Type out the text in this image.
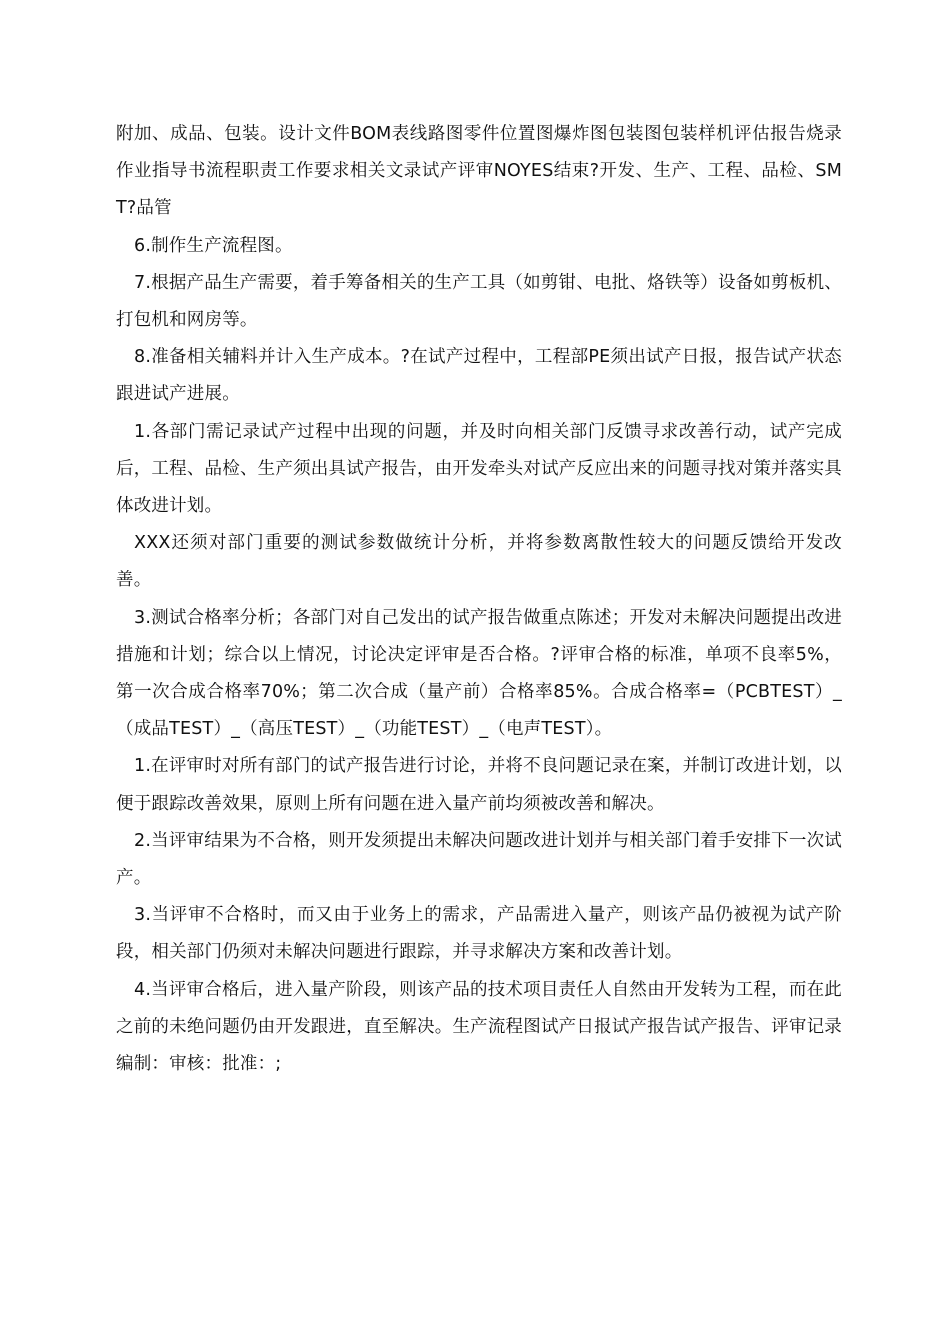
附加、成品、包装。设计文件BOM表线路图零件位置图爆炸图包装图包装样机评估报告烧录作业指导书流程职责工作要求相关文录试产评审NOYES结束?开发、生产、工程、品检、SMT?品管

6.制作生产流程图。

7.根据产品生产需要，着手筹备相关的生产工具（如剪钳、电批、烙铁等）设备如剪板机、打包机和网房等。

8.准备相关辅料并计入生产成本。?在试产过程中，工程部PE须出试产日报，报告试产状态跟进试产进展。

1.各部门需记录试产过程中出现的问题，并及时向相关部门反馈寻求改善行动，试产完成后，工程、品检、生产须出具试产报告，由开发牵头对试产反应出来的问题寻找对策并落实具体改进计划。

XXX还须对部门重要的测试参数做统计分析，并将参数离散性较大的问题反馈给开发改善。

3.测试合格率分析；各部门对自己发出的试产报告做重点陈述；开发对未解决问题提出改进措施和计划；综合以上情况，讨论决定评审是否合格。?评审合格的标准，单项不良率5%，第一次合成合格率70%；第二次合成（量产前）合格率85%。合成合格率=（PCBTEST）_（成品TEST）_（高压TEST）_（功能TEST）_（电声TEST）。

1.在评审时对所有部门的试产报告进行讨论，并将不良问题记录在案，并制订改进计划，以便于跟踪改善效果，原则上所有问题在进入量产前均须被改善和解决。

2.当评审结果为不合格，则开发须提出未解决问题改进计划并与相关部门着手安排下一次试产。

3.当评审不合格时，而又由于业务上的需求，产品需进入量产，则该产品仍被视为试产阶段，相关部门仍须对未解决问题进行跟踪，并寻求解决方案和改善计划。

4.当评审合格后，进入量产阶段，则该产品的技术项目责任人自然由开发转为工程，而在此之前的未绝问题仍由开发跟进，直至解决。生产流程图试产日报试产报告试产报告、评审记录编制：审核：批准：;
